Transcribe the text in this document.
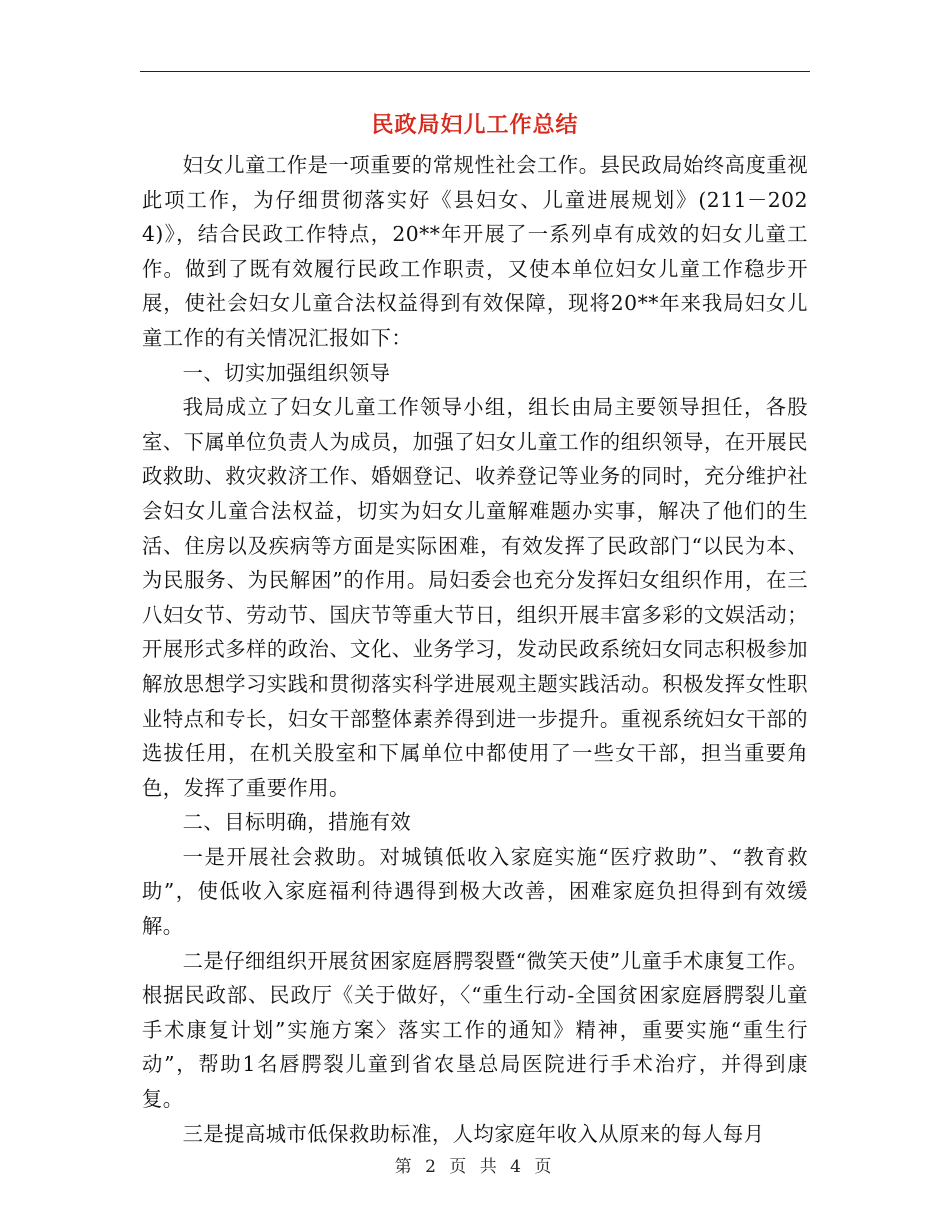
民政局妇儿工作总结

妇女儿童工作是一项重要的常规性社会工作。县民政局始终高度重视此项工作，为仔细贯彻落实好《县妇女、儿童进展规划》(211－2024)》，结合民政工作特点，20**年开展了一系列卓有成效的妇女儿童工作。做到了既有效履行民政工作职责，又使本单位妇女儿童工作稳步开展，使社会妇女儿童合法权益得到有效保障，现将20**年来我局妇女儿童工作的有关情况汇报如下：

一、切实加强组织领导

我局成立了妇女儿童工作领导小组，组长由局主要领导担任，各股室、下属单位负责人为成员，加强了妇女儿童工作的组织领导，在开展民政救助、救灾救济工作、婚姻登记、收养登记等业务的同时，充分维护社会妇女儿童合法权益，切实为妇女儿童解难题办实事，解决了他们的生活、住房以及疾病等方面是实际困难，有效发挥了民政部门“以民为本、为民服务、为民解困”的作用。局妇委会也充分发挥妇女组织作用，在三八妇女节、劳动节、国庆节等重大节日，组织开展丰富多彩的文娱活动；开展形式多样的政治、文化、业务学习，发动民政系统妇女同志积极参加解放思想学习实践和贯彻落实科学进展观主题实践活动。积极发挥女性职业特点和专长，妇女干部整体素养得到进一步提升。重视系统妇女干部的选拔任用，在机关股室和下属单位中都使用了一些女干部，担当重要角色，发挥了重要作用。

二、目标明确，措施有效

一是开展社会救助。对城镇低收入家庭实施“医疗救助”、“教育救助”，使低收入家庭福利待遇得到极大改善，困难家庭负担得到有效缓解。

二是仔细组织开展贫困家庭唇腭裂暨“微笑天使”儿童手术康复工作。根据民政部、民政厅《关于做好，〈“重生行动-全国贫困家庭唇腭裂儿童手术康复计划”实施方案〉落实工作的通知》精神，重要实施“重生行动”，帮助1名唇腭裂儿童到省农垦总局医院进行手术治疗，并得到康复。

三是提高城市低保救助标准，人均家庭年收入从原来的每人每月

第 2 页 共 4 页
